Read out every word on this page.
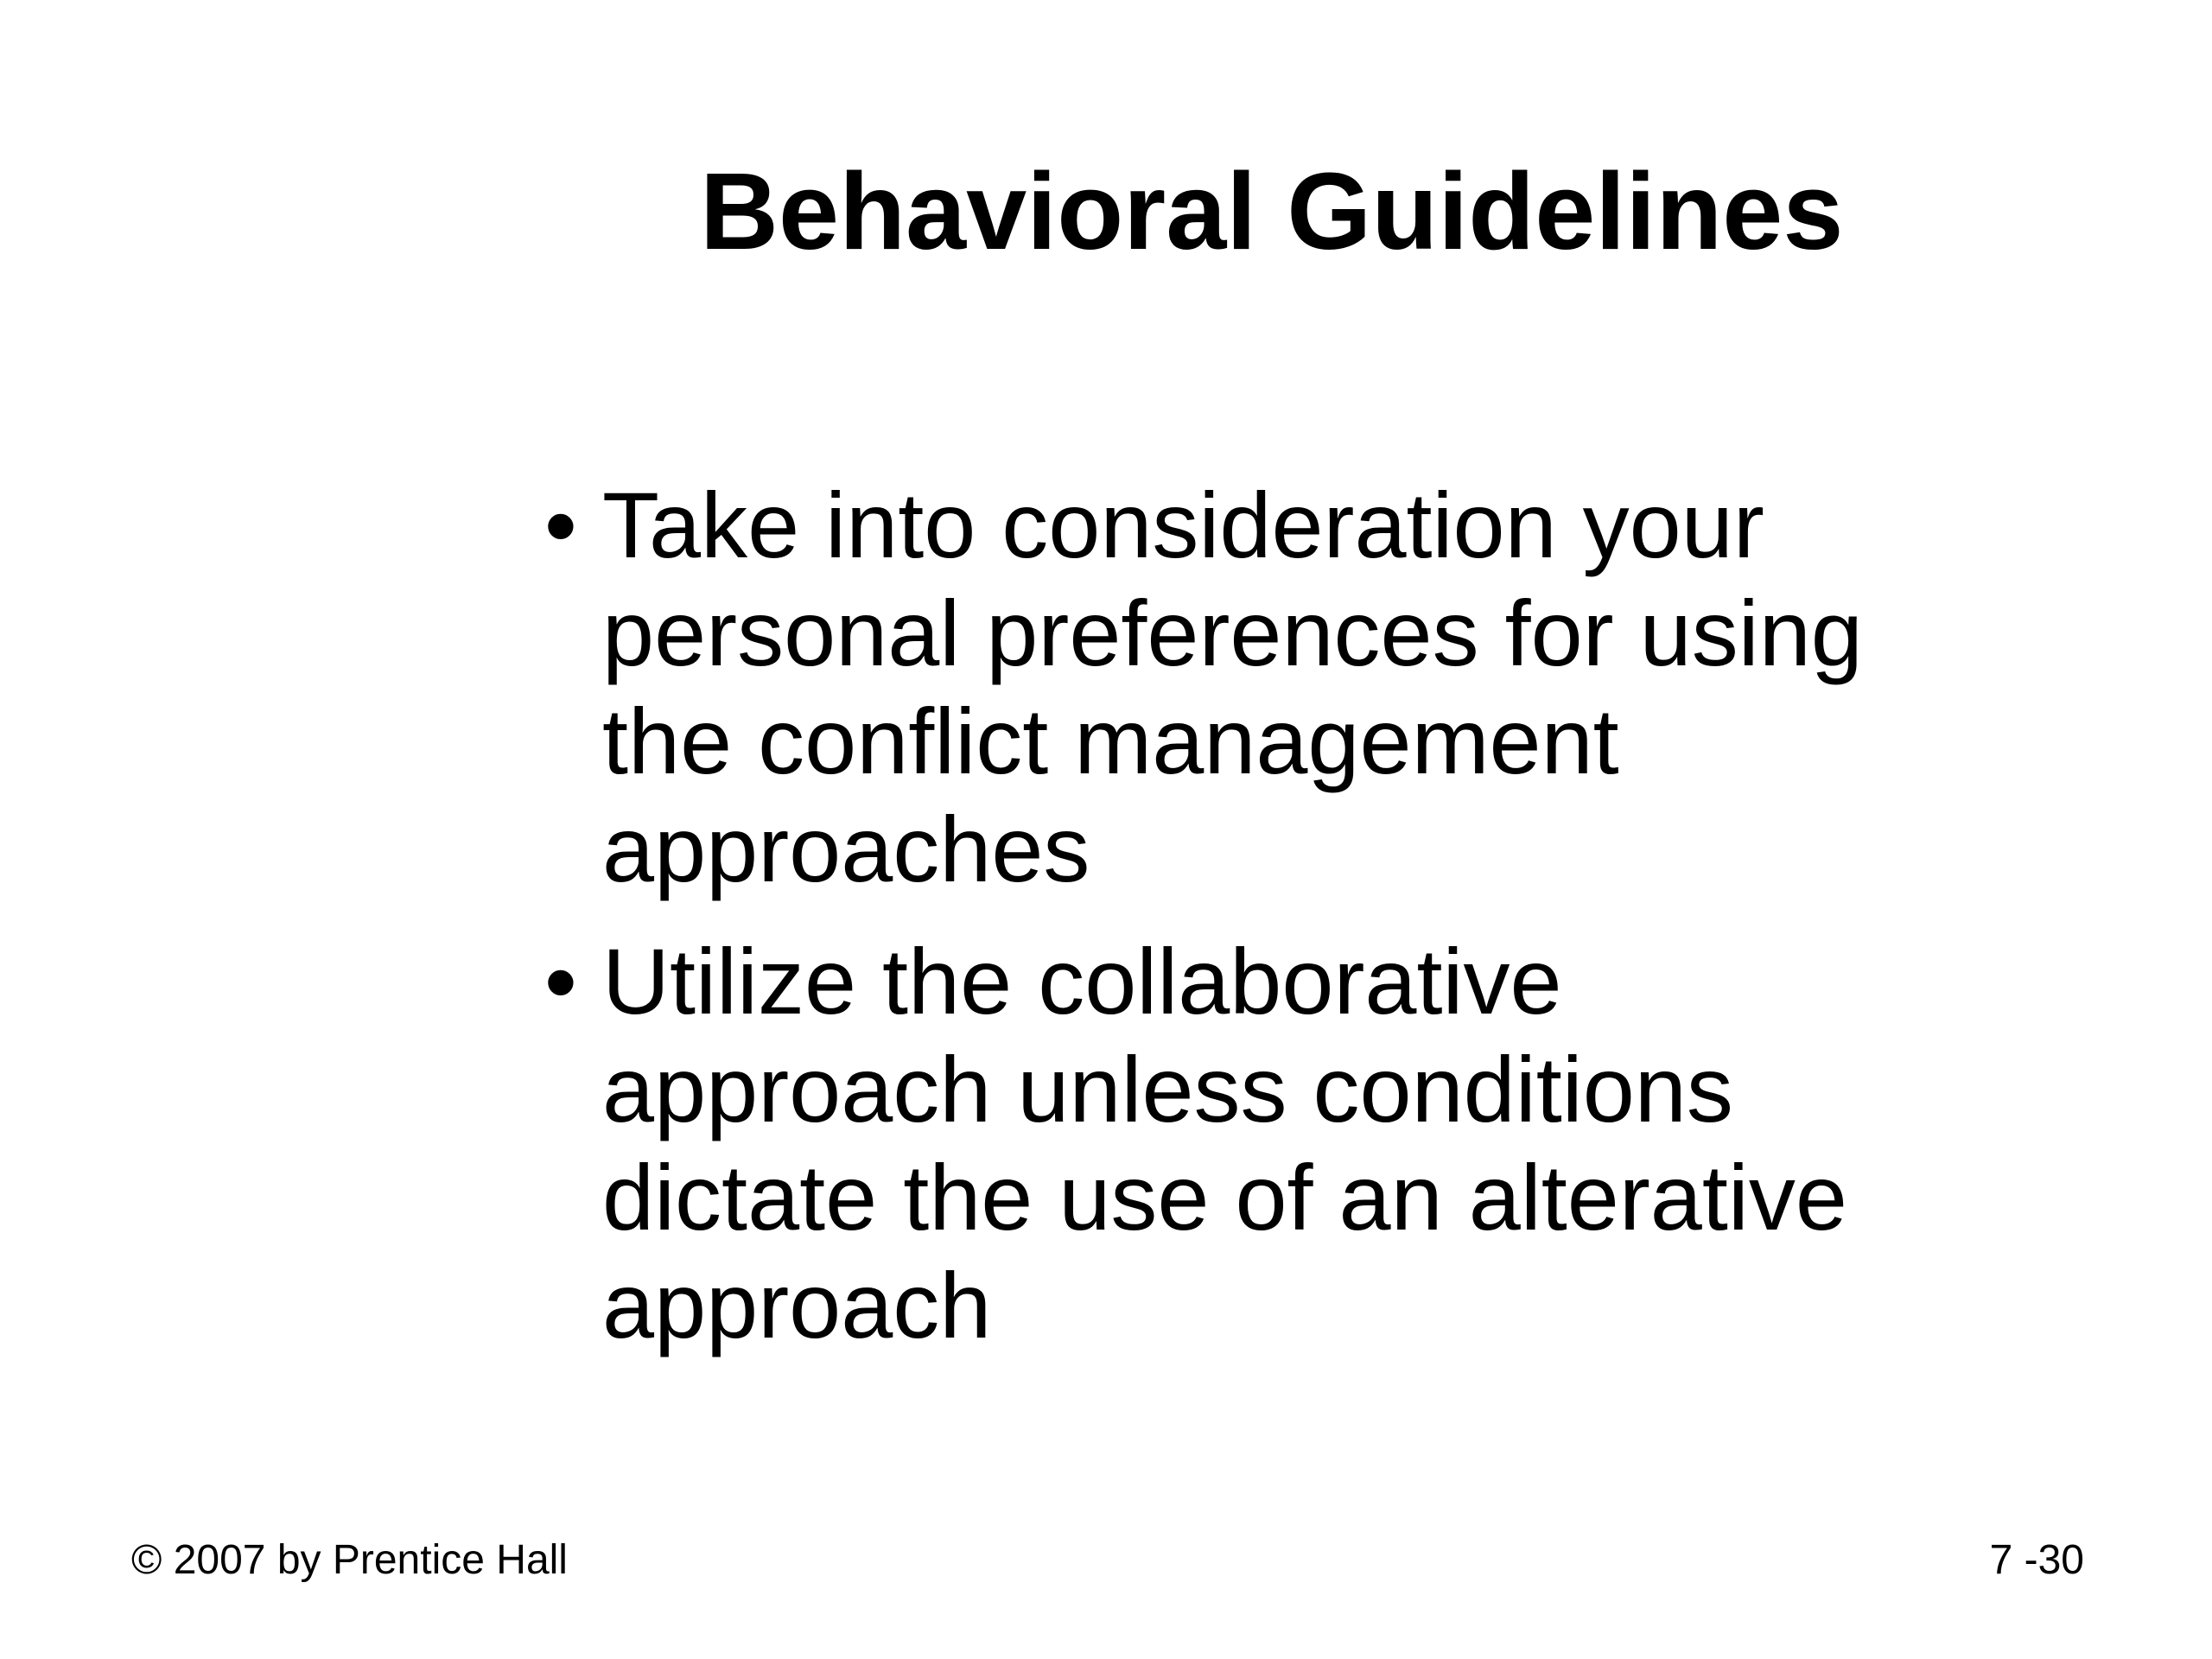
Behavioral Guidelines
• Take into consideration your
personal preferences for using
the conflict management
approaches
• Utilize the collaborative
approach unless conditions
dictate the use of an alterative
approach
© 2007 by Prentice Hall	7 -30
